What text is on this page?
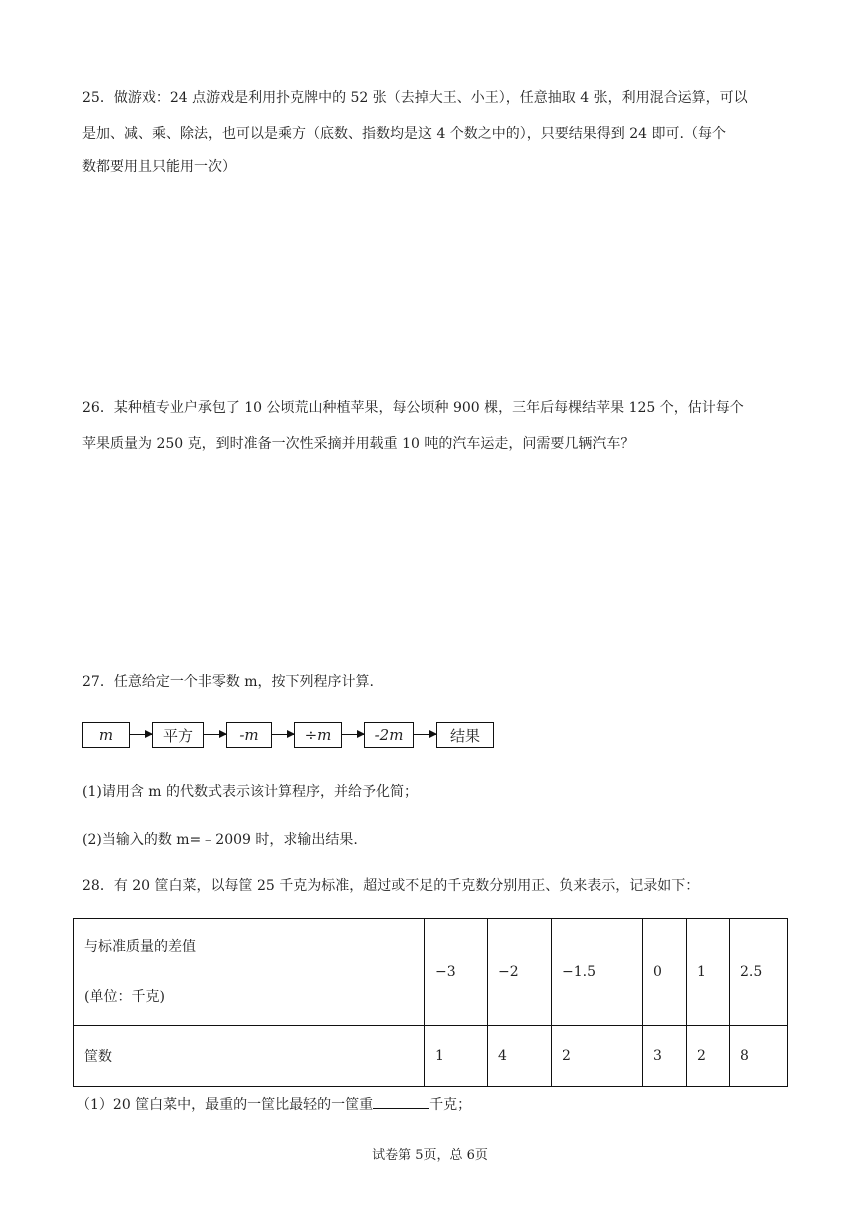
25．做游戏：24 点游戏是利用扑克牌中的 52 张（去掉大王、小王），任意抽取 4 张，利用混合运算，可以
是加、减、乘、除法，也可以是乘方（底数、指数均是这 4 个数之中的），只要结果得到 24 即可.（每个
数都要用且只能用一次）
26．某种植专业户承包了 10 公顷荒山种植苹果，每公顷种 900 棵，三年后每棵结苹果 125 个，估计每个
苹果质量为 250 克，到时准备一次性采摘并用载重 10 吨的汽车运走，问需要几辆汽车？
27．任意给定一个非零数 m，按下列程序计算.
m	平方	-m	÷m	-2m	结果
(1)请用含 m 的代数式表示该计算程序，并给予化简；
(2)当输入的数 m=﹣2009 时，求输出结果.
28．有 20 筐白菜，以每筐 25 千克为标准，超过或不足的千克数分别用正、负来表示，记录如下：
与标准质量的差值
(单位：千克)	−3	−2	−1.5	0	1	2.5
筐数	1	4	2	3	2	8
（1）20 筐白菜中，最重的一筐比最轻的一筐重	千克；
试卷第 5页，总 6页
